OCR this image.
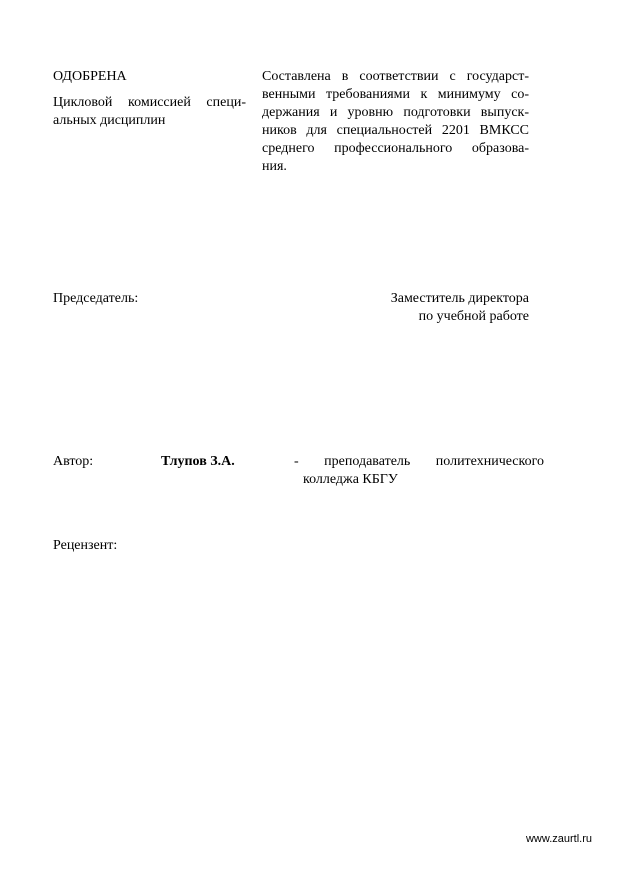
ОДОБРЕНА
Цикловой комиссией специ-
альных дисциплин
Составлена в соответствии с государст-
венными требованиями к минимуму со-
держания и уровню подготовки выпуск-
ников для специальностей 2201 ВМКСС
среднего профессионального образова-
ния.
Председатель:	Заместитель директора
по учебной работе
Автор:	Тлупов З.А.	- преподаватель политехнического
колледжа КБГУ
Рецензент:
www.zaurtl.ru
